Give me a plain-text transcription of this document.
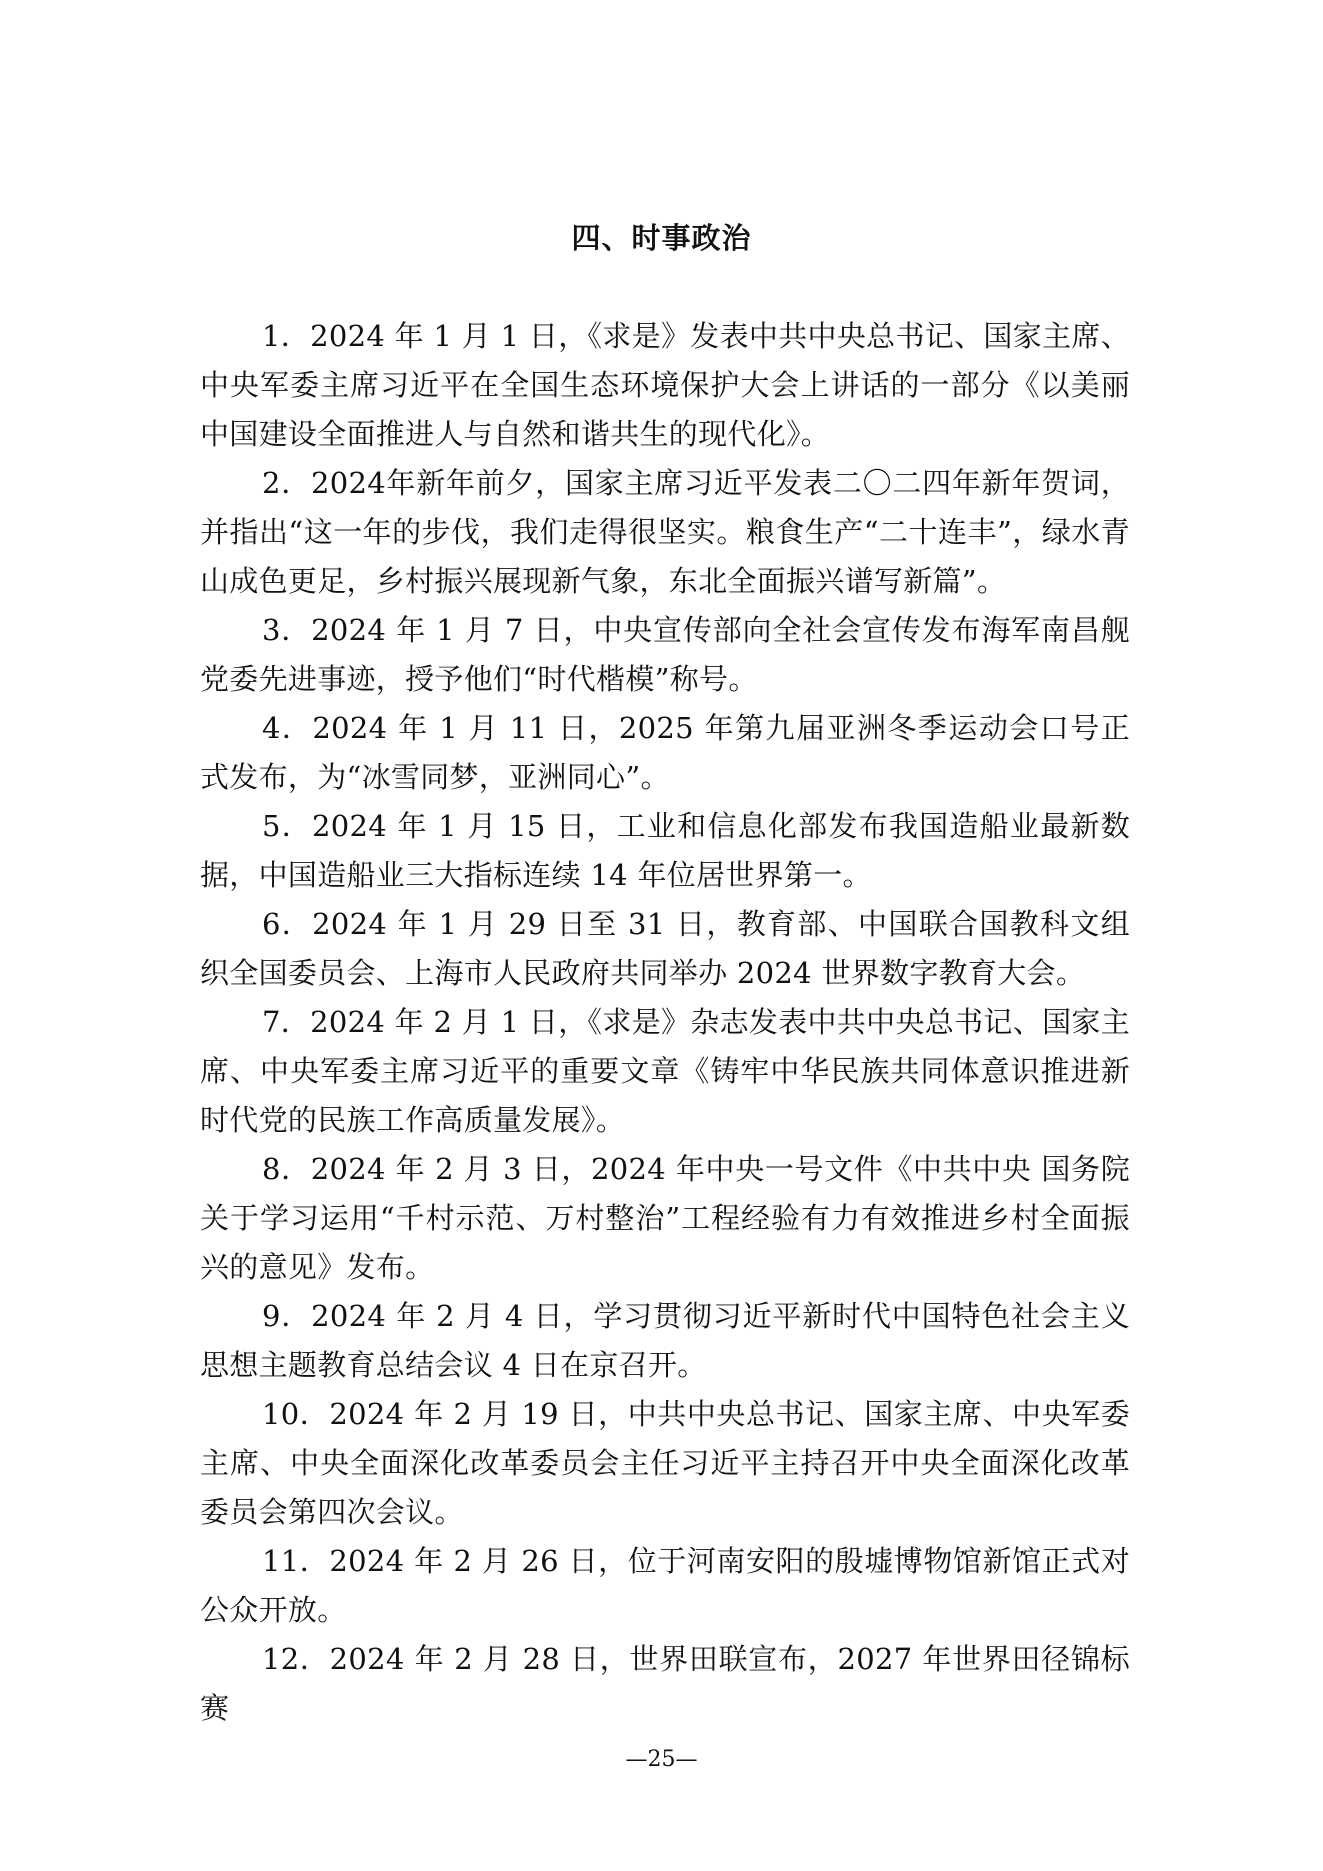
四、时事政治

1．2024 年 1 月 1 日，《求是》发表中共中央总书记、国家主席、中央军委主席习近平在全国生态环境保护大会上讲话的一部分《以美丽中国建设全面推进人与自然和谐共生的现代化》。

2．2024年新年前夕，国家主席习近平发表二〇二四年新年贺词，并指出“这一年的步伐，我们走得很坚实。粮食生产“二十连丰”，绿水青山成色更足，乡村振兴展现新气象，东北全面振兴谱写新篇”。

3．2024 年 1 月 7 日，中央宣传部向全社会宣传发布海军南昌舰党委先进事迹，授予他们“时代楷模”称号。

4．2024 年 1 月 11 日，2025 年第九届亚洲冬季运动会口号正式发布，为“冰雪同梦，亚洲同心”。

5．2024 年 1 月 15 日，工业和信息化部发布我国造船业最新数据，中国造船业三大指标连续 14 年位居世界第一。

6．2024 年 1 月 29 日至 31 日，教育部、中国联合国教科文组织全国委员会、上海市人民政府共同举办 2024 世界数字教育大会。

7．2024 年 2 月 1 日，《求是》杂志发表中共中央总书记、国家主席、中央军委主席习近平的重要文章《铸牢中华民族共同体意识推进新时代党的民族工作高质量发展》。

8．2024 年 2 月 3 日，2024 年中央一号文件《中共中央 国务院关于学习运用“千村示范、万村整治”工程经验有力有效推进乡村全面振兴的意见》发布。

9．2024 年 2 月 4 日，学习贯彻习近平新时代中国特色社会主义思想主题教育总结会议 4 日在京召开。

10．2024 年 2 月 19 日，中共中央总书记、国家主席、中央军委主席、中央全面深化改革委员会主任习近平主持召开中央全面深化改革委员会第四次会议。

11．2024 年 2 月 26 日，位于河南安阳的殷墟博物馆新馆正式对公众开放。

12．2024 年 2 月 28 日，世界田联宣布，2027 年世界田径锦标赛

—25—
